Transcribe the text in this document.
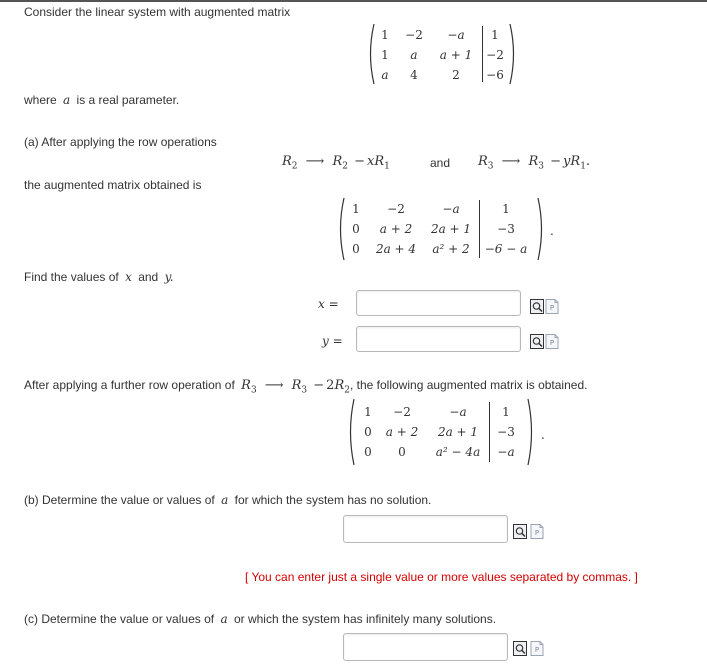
Consider the linear system with augmented matrix
1	−2	−a	1
1	a	a + 1	−2
a	4	2	−6
where a is a real parameter.
(a) After applying the row operations
$R_2$ ⟶ $R_2 - xR_1$	and $R_3$ ⟶ $R_3 - yR_1$.
the augmented matrix obtained is
1	−2	−a	1
0	a + 2	2a + 1	−3
0	2a + 4	a² + 2	−6 − a
.
Find the values of x and y.
x =	P
y =	P
After applying a further row operation of $R_3$ ⟶ $R_3 - 2R_2$, the following augmented matrix is obtained.
1	−2	−a	1
0	a + 2	2a + 1	−3
0	0	a² − 4a	−a
.
(b) Determine the value or values of a for which the system has no solution.
P
[ You can enter just a single value or more values separated by commas. ]
(c) Determine the value or values of a or which the system has infinitely many solutions.
P
